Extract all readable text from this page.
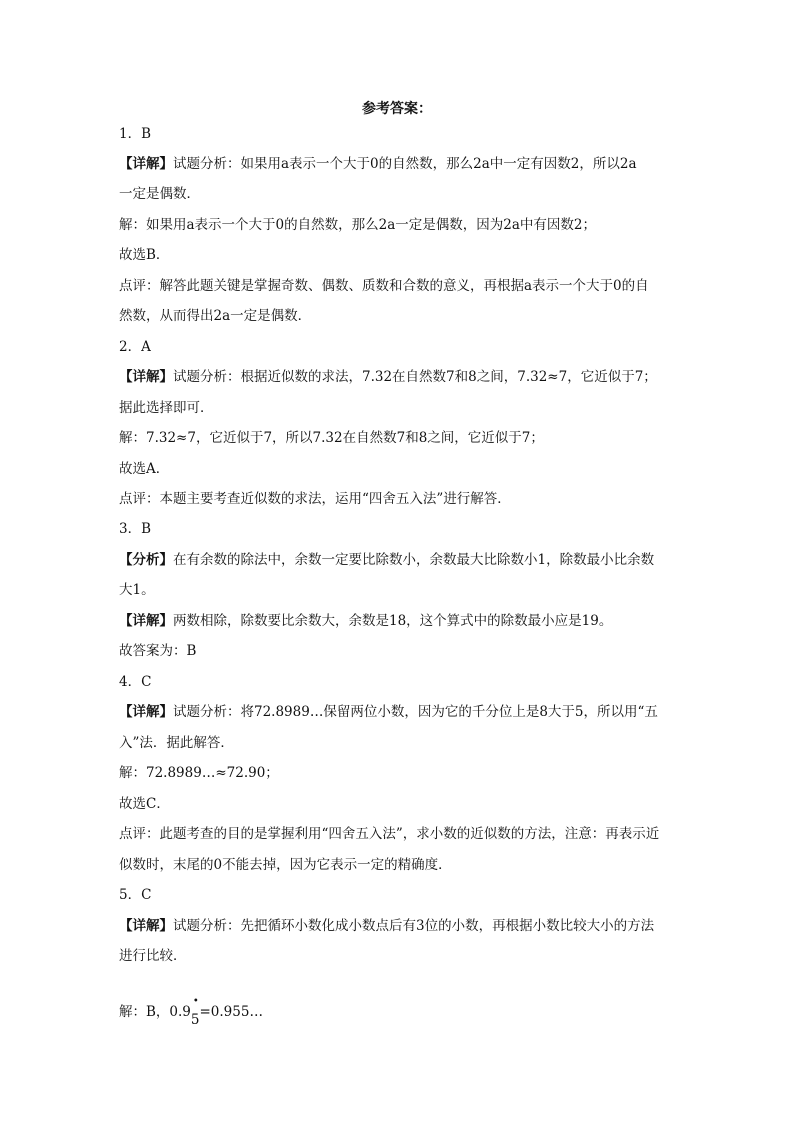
参考答案：
1．B
【详解】试题分析：如果用a表示一个大于0的自然数，那么2a中一定有因数2，所以2a
一定是偶数．
解：如果用a表示一个大于0的自然数，那么2a一定是偶数，因为2a中有因数2；
故选B．
点评：解答此题关键是掌握奇数、偶数、质数和合数的意义，再根据a表示一个大于0的自
然数，从而得出2a一定是偶数．
2．A
【详解】试题分析：根据近似数的求法，7.32在自然数7和8之间，7.32≈7，它近似于7；
据此选择即可．
解：7.32≈7，它近似于7，所以7.32在自然数7和8之间，它近似于7；
故选A．
点评：本题主要考查近似数的求法，运用“四舍五入法”进行解答．
3．B
【分析】在有余数的除法中，余数一定要比除数小，余数最大比除数小1，除数最小比余数
大1。
【详解】两数相除，除数要比余数大，余数是18，这个算式中的除数最小应是19。
故答案为：B
4．C
【详解】试题分析：将72.8989…保留两位小数，因为它的千分位上是8大于5，所以用“五
入”法．据此解答．
解：72.8989…≈72.90；
故选C．
点评：此题考查的目的是掌握利用“四舍五入法”，求小数的近似数的方法，注意：再表示近
似数时，末尾的0不能去掉，因为它表示一定的精确度．
5．C
【详解】试题分析：先把循环小数化成小数点后有3位的小数，再根据小数比较大小的方法
进行比较．
解：B，0.9
•
5=0.955…
